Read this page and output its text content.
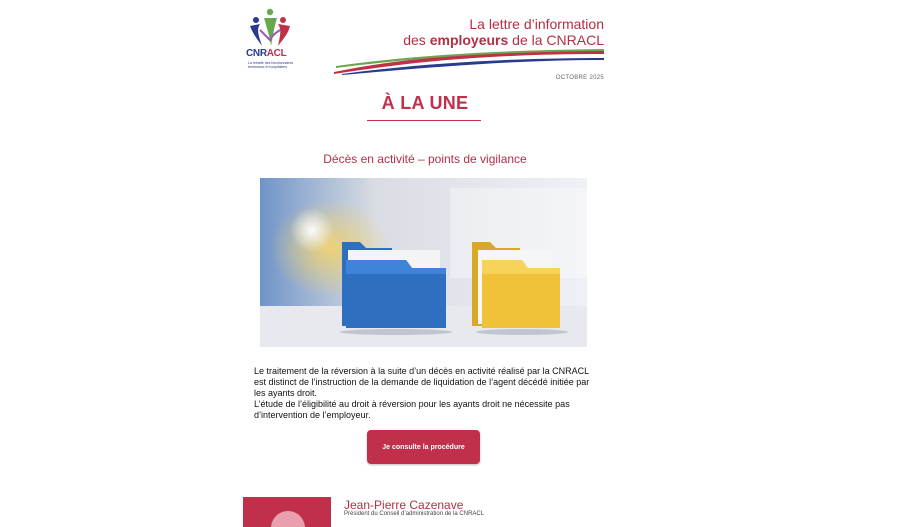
CNRACL
La retraite des fonctionnaires territoriaux et hospitaliers
La lettre d’information
des employeurs de la CNRACL
OCTOBRE 2025
À LA UNE
Décès en activité – points de vigilance

Le traitement de la réversion à la suite d’un décès en activité réalisé par la CNRACL est distinct de l’instruction de la demande de liquidation de l’agent décédé initiée par les ayants droit.

L’étude de l’éligibilité au droit à réversion pour les ayants droit ne nécessite pas d’intervention de l’employeur.

Je consulte la procédure
Jean-Pierre Cazenave
Président du Conseil d’administration de la CNRACL
